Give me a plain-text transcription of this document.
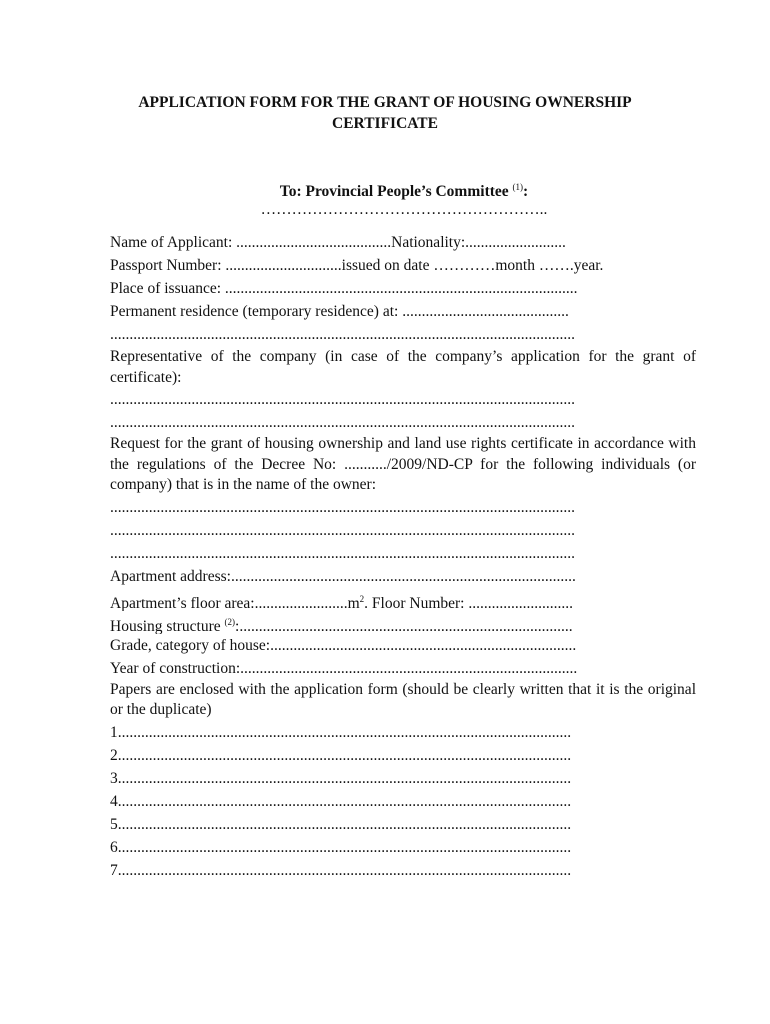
APPLICATION FORM FOR THE GRANT OF HOUSING OWNERSHIP
CERTIFICATE
To: Provincial People’s Committee $^{(1)}$:
………………………………………………..
Name of Applicant: ........................................Nationality:..........................
Passport Number: ..............................issued on date …………month …….year.
Place of issuance: ...........................................................................................
Permanent residence (temporary residence) at: ...........................................
........................................................................................................................
Representative of the company (in case of the company’s application for the grant of certificate):
........................................................................................................................
........................................................................................................................
Request for the grant of housing ownership and land use rights certificate in accordance with the regulations of the Decree No: .........../2009/ND-CP for the following individuals (or company) that is in the name of the owner:
........................................................................................................................
........................................................................................................................
........................................................................................................................
Apartment address:.........................................................................................
Apartment’s floor $area:........................m^2$. Floor Number: ...........................
Housing structure $^{(2)}$:......................................................................................
Grade, category of house:...............................................................................
Year of construction:.......................................................................................
Papers are enclosed with the application form (should be clearly written that it is the original or the duplicate)
1.....................................................................................................................
2.....................................................................................................................
3.....................................................................................................................
4.....................................................................................................................
5.....................................................................................................................
6.....................................................................................................................
7.....................................................................................................................
